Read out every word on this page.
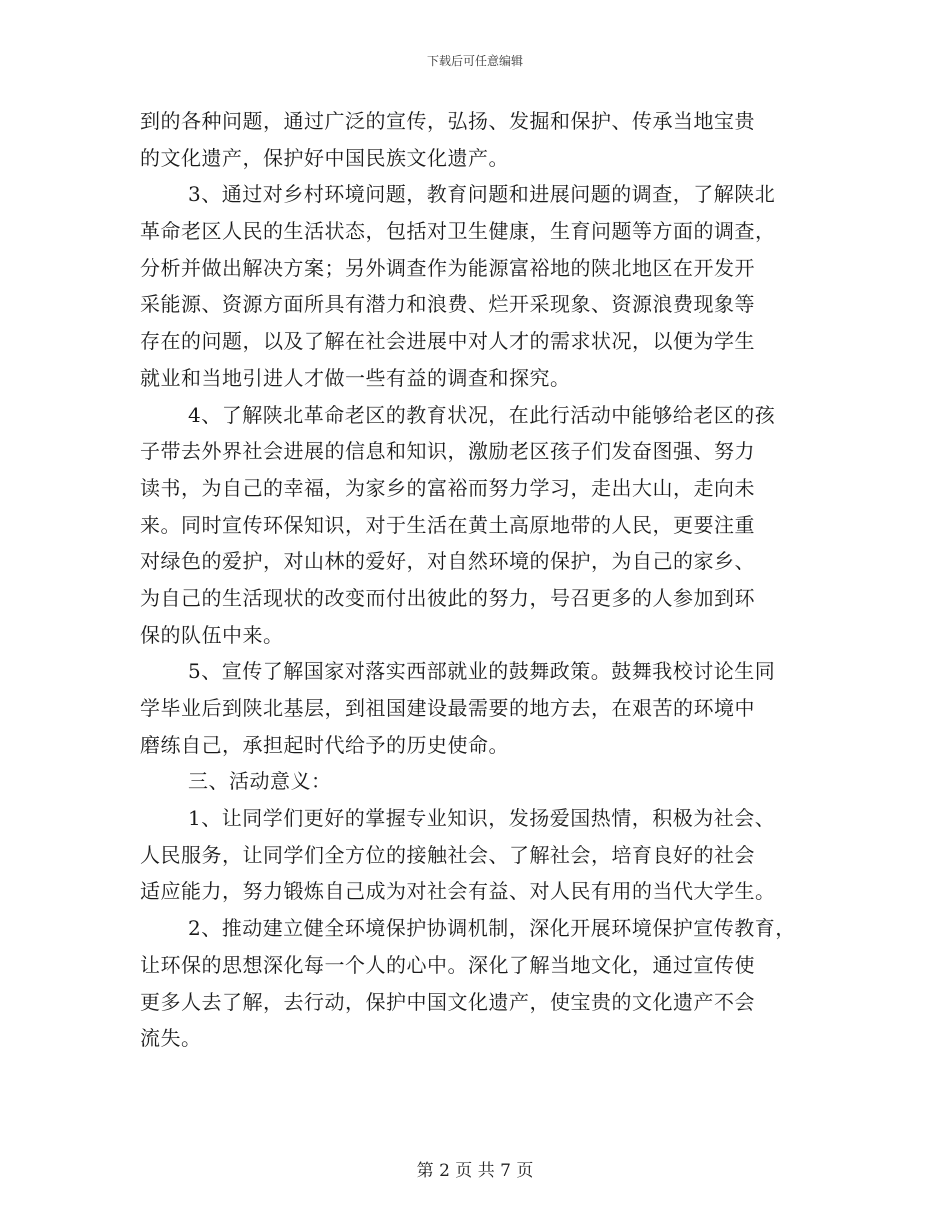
下载后可任意编辑
到的各种问题，通过广泛的宣传，弘扬、发掘和保护、传承当地宝贵
的文化遗产，保护好中国民族文化遗产。
3、通过对乡村环境问题，教育问题和进展问题的调查，了解陕北
革命老区人民的生活状态，包括对卫生健康，生育问题等方面的调查，
分析并做出解决方案；另外调查作为能源富裕地的陕北地区在开发开
采能源、资源方面所具有潜力和浪费、烂开采现象、资源浪费现象等
存在的问题，以及了解在社会进展中对人才的需求状况，以便为学生
就业和当地引进人才做一些有益的调查和探究。
4、了解陕北革命老区的教育状况，在此行活动中能够给老区的孩
子带去外界社会进展的信息和知识，激励老区孩子们发奋图强、努力
读书，为自己的幸福，为家乡的富裕而努力学习，走出大山，走向未
来。同时宣传环保知识，对于生活在黄土高原地带的人民，更要注重
对绿色的爱护，对山林的爱好，对自然环境的保护，为自己的家乡、
为自己的生活现状的改变而付出彼此的努力，号召更多的人参加到环
保的队伍中来。
5、宣传了解国家对落实西部就业的鼓舞政策。鼓舞我校讨论生同
学毕业后到陕北基层，到祖国建设最需要的地方去，在艰苦的环境中
磨练自己，承担起时代给予的历史使命。
三、活动意义：
1、让同学们更好的掌握专业知识，发扬爱国热情，积极为社会、
人民服务，让同学们全方位的接触社会、了解社会，培育良好的社会
适应能力，努力锻炼自己成为对社会有益、对人民有用的当代大学生。
2、推动建立健全环境保护协调机制，深化开展环境保护宣传教育，
让环保的思想深化每一个人的心中。深化了解当地文化，通过宣传使
更多人去了解，去行动，保护中国文化遗产，使宝贵的文化遗产不会
流失。
第 2 页 共 7 页
